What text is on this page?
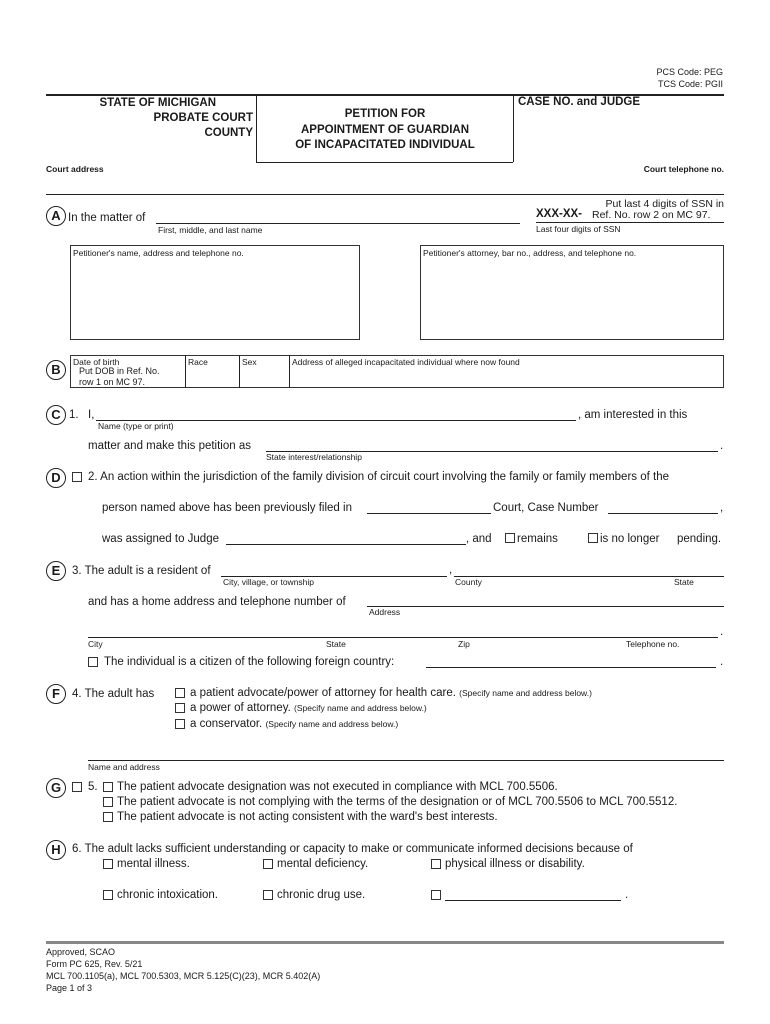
PCS Code: PEG
TCS Code: PGII
STATE OF MICHIGAN
PROBATE COURT
COUNTY
PETITION FOR
APPOINTMENT OF GUARDIAN
OF INCAPACITATED INDIVIDUAL
CASE NO. and JUDGE
Court address	Court telephone no.
A In the matter of
First, middle, and last name
Put last 4 digits of SSN in
XXX-XX- Ref. No. row 2 on MC 97.
Last four digits of SSN
Petitioner's name, address and telephone no.	Petitioner's attorney, bar no., address, and telephone no.
B	Date of birth
Put DOB in Ref. No.
row 1 on MC 97.
Race	Sex	Address of alleged incapacitated individual where now found
C 1. I,	, am interested in this
Name (type or print)
matter and make this petition as	.
State interest/relationship
D	2. An action within the jurisdiction of the family division of circuit court involving the family or family members of the
person named above has been previously filed in	Court, Case Number	,
was assigned to Judge	, and remains	is no longer pending.
E	3. The adult is a resident of	,
City, village, or township	County	State
and has a home address and telephone number of
Address
.
City	State	Zip	Telephone no.
The individual is a citizen of the following foreign country:	.
F	4. The adult has	a patient advocate/power of attorney for health care. (Specify name and address below.)
a power of attorney. (Specify name and address below.)
a conservator. (Specify name and address below.)
Name and address
G	5. The patient advocate designation was not executed in compliance with MCL 700.5506.
The patient advocate is not complying with the terms of the designation or of MCL 700.5506 to MCL 700.5512.
The patient advocate is not acting consistent with the ward's best interests.
H 6. The adult lacks sufficient understanding or capacity to make or communicate informed decisions because of
mental illness.	mental deficiency.	physical illness or disability.
chronic intoxication.	chronic drug use.	.
Approved, SCAO
Form PC 625, Rev. 5/21
MCL 700.1105(a), MCL 700.5303, MCR 5.125(C)(23), MCR 5.402(A)
Page 1 of 3
